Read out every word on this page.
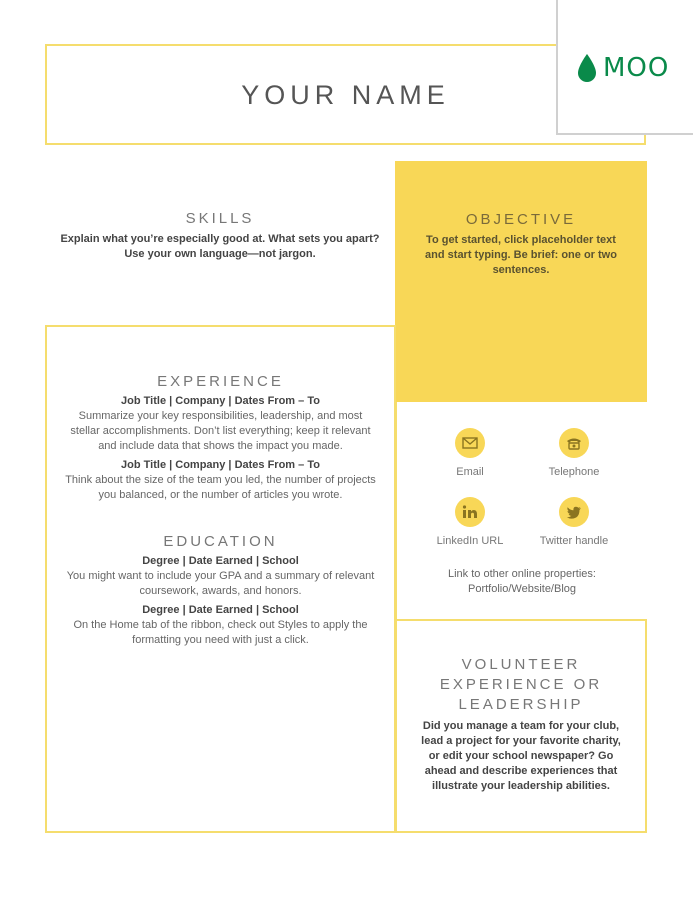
YOUR NAME
MOO
SKILLS
Explain what you’re especially good at. What sets you apart? Use your own language—not jargon.
OBJECTIVE
To get started, click placeholder text and start typing. Be brief: one or two sentences.
EXPERIENCE
Job Title | Company | Dates From – To
Summarize your key responsibilities, leadership, and most stellar accomplishments. Don’t list everything; keep it relevant and include data that shows the impact you made.
Job Title | Company | Dates From – To
Think about the size of the team you led, the number of projects you balanced, or the number of articles you wrote.
EDUCATION
Degree | Date Earned | School
You might want to include your GPA and a summary of relevant coursework, awards, and honors.
Degree | Date Earned | School
On the Home tab of the ribbon, check out Styles to apply the formatting you need with just a click.
Email	Telephone
LinkedIn URL	Twitter handle
Link to other online properties: Portfolio/Website/Blog
VOLUNTEER EXPERIENCE OR LEADERSHIP
Did you manage a team for your club, lead a project for your favorite charity, or edit your school newspaper? Go ahead and describe experiences that illustrate your leadership abilities.
